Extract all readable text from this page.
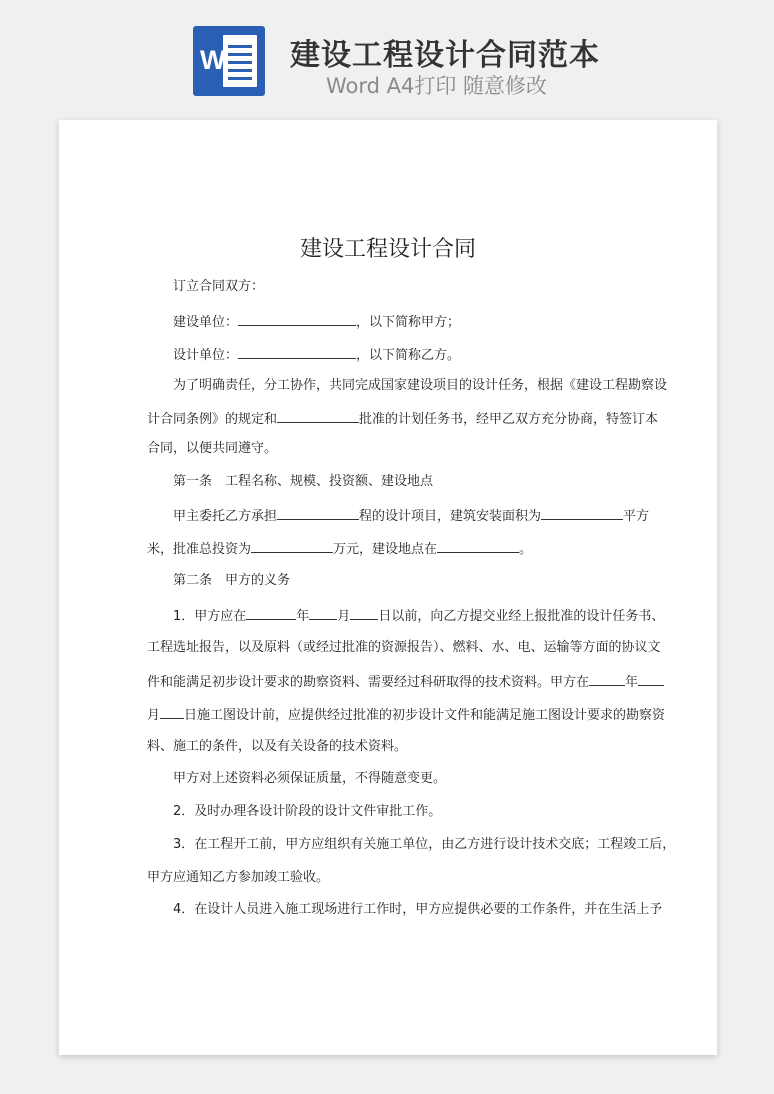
W	建设工程设计合同范本
Word A4打印 随意修改

建设工程设计合同
订立合同双方：
建设单位：	，以下简称甲方；
设计单位：	，以下简称乙方。
为了明确责任，分工协作，共同完成国家建设项目的设计任务，根据《建设工程勘察设
计合同条例》的规定和	批准的计划任务书，经甲乙双方充分协商，特签订本
合同，以便共同遵守。
第一条　工程名称、规模、投资额、建设地点
甲主委托乙方承担	程的设计项目，建筑安装面积为	平方
米，批准总投资为	万元，建设地点在	。
第二条　甲方的义务
1．甲方应在	年 月 日以前，向乙方提交业经上报批准的设计任务书、
工程选址报告，以及原料（或经过批准的资源报告）、燃料、水、电、运输等方面的协议文
件和能满足初步设计要求的勘察资料、需要经过科研取得的技术资料。甲方在	年
月 日施工图设计前，应提供经过批准的初步设计文件和能满足施工图设计要求的勘察资
料、施工的条件，以及有关设备的技术资料。
甲方对上述资料必须保证质量，不得随意变更。
2．及时办理各设计阶段的设计文件审批工作。
3．在工程开工前，甲方应组织有关施工单位，由乙方进行设计技术交底；工程竣工后，
甲方应通知乙方参加竣工验收。
4．在设计人员进入施工现场进行工作时，甲方应提供必要的工作条件，并在生活上予
